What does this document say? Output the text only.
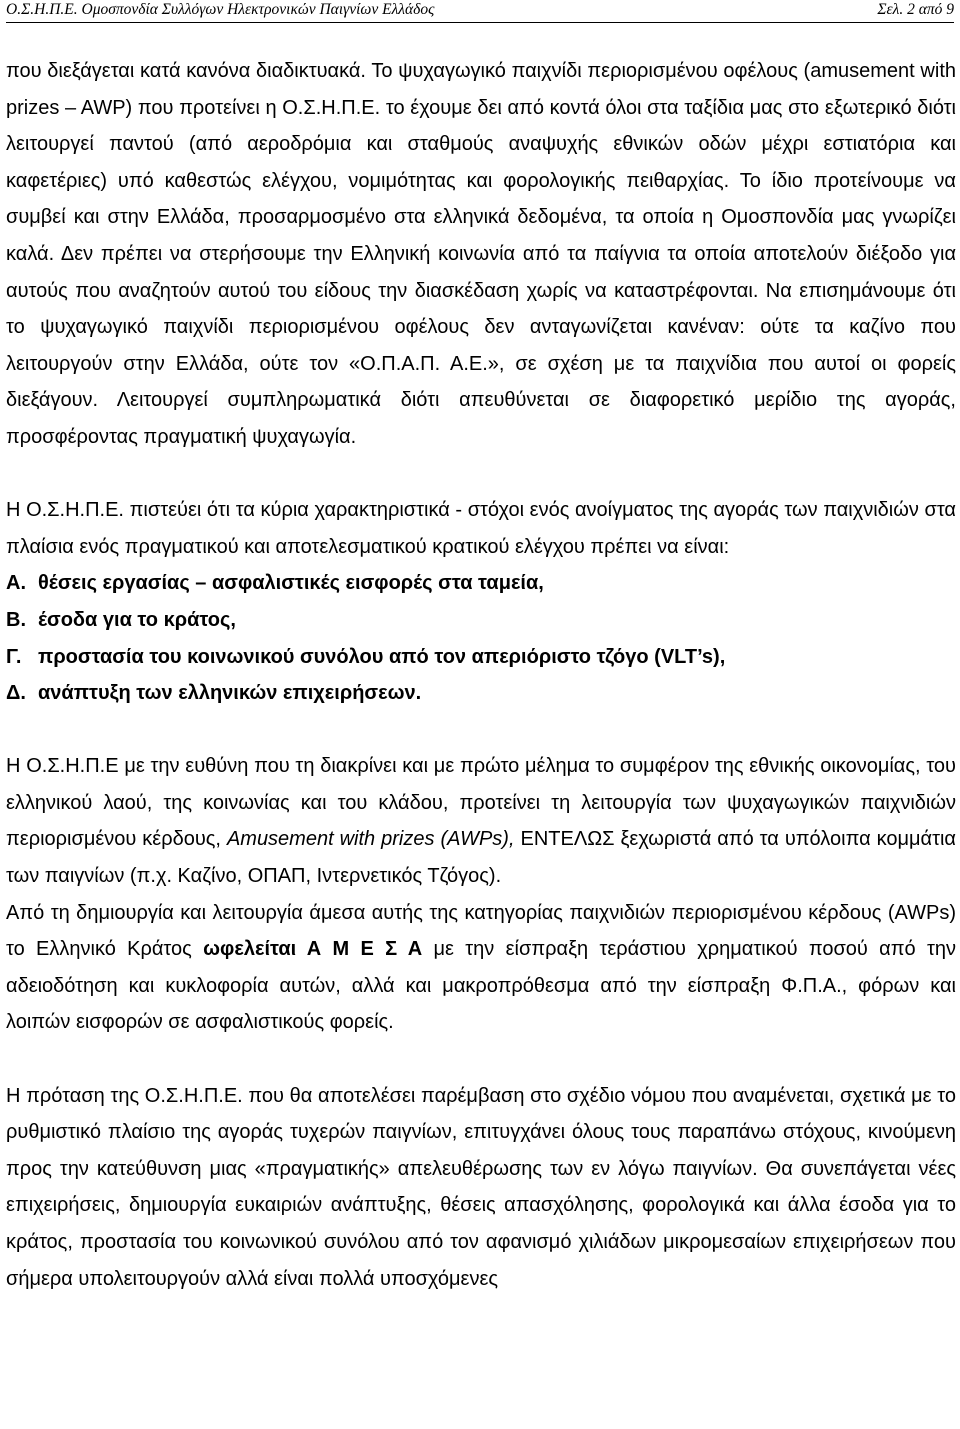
Ο.Σ.Η.Π.Ε. Ομοσπονδία Συλλόγων Ηλεκτρονικών Παιγνίων Ελλάδος	Σελ. 2 από 9

που διεξάγεται κατά κανόνα διαδικτυακά. Το ψυχαγωγικό παιχνίδι περιορισμένου οφέλους (amusement with prizes – AWP) που προτείνει η Ο.Σ.Η.Π.Ε. το έχουμε δει από κοντά όλοι στα ταξίδια μας στο εξωτερικό διότι λειτουργεί παντού (από αεροδρόμια και σταθμούς αναψυχής εθνικών οδών μέχρι εστιατόρια και καφετέριες) υπό καθεστώς ελέγχου, νομιμότητας και φορολογικής πειθαρχίας. Το ίδιο προτείνουμε να συμβεί και στην Ελλάδα, προσαρμοσμένο στα ελληνικά δεδομένα, τα οποία η Ομοσπονδία μας γνωρίζει καλά. Δεν πρέπει να στερήσουμε την Ελληνική κοινωνία από τα παίγνια τα οποία αποτελούν διέξοδο για αυτούς που αναζητούν αυτού του είδους την διασκέδαση χωρίς να καταστρέφονται. Να επισημάνουμε ότι το ψυχαγωγικό παιχνίδι περιορισμένου οφέλους δεν ανταγωνίζεται κανέναν: ούτε τα καζίνο που λειτουργούν στην Ελλάδα, ούτε τον «Ο.Π.Α.Π. Α.Ε.», σε σχέση με τα παιχνίδια που αυτοί οι φορείς διεξάγουν. Λειτουργεί συμπληρωματικά διότι απευθύνεται σε διαφορετικό μερίδιο της αγοράς, προσφέροντας πραγματική ψυχαγωγία.

Η Ο.Σ.Η.Π.Ε. πιστεύει ότι τα κύρια χαρακτηριστικά - στόχοι ενός ανοίγματος της αγοράς των παιχνιδιών στα πλαίσια ενός πραγματικού και αποτελεσματικού κρατικού ελέγχου πρέπει να είναι:

Α. θέσεις εργασίας – ασφαλιστικές εισφορές στα ταμεία,

Β. έσοδα για το κράτος,

Γ. προστασία του κοινωνικού συνόλου από τον απεριόριστο τζόγο (VLT’s),

Δ. ανάπτυξη των ελληνικών επιχειρήσεων.

Η Ο.Σ.Η.Π.Ε με την ευθύνη που τη διακρίνει και με πρώτο μέλημα το συμφέρον της εθνικής οικονομίας, του ελληνικού λαού, της κοινωνίας και του κλάδου, προτείνει τη λειτουργία των ψυχαγωγικών παιχνιδιών περιορισμένου κέρδους, Amusement with prizes (AWPs), ΕΝΤΕΛΩΣ ξεχωριστά από τα υπόλοιπα κομμάτια των παιγνίων (π.χ. Καζίνο, ΟΠΑΠ, Ιντερνετικός Τζόγος).

Από τη δημιουργία και λειτουργία άμεσα αυτής της κατηγορίας παιχνιδιών περιορισμένου κέρδους (AWPs) το Ελληνικό Κράτος ωφελείται Α Μ Ε Σ Α με την είσπραξη τεράστιου χρηματικού ποσού από την αδειοδότηση και κυκλοφορία αυτών, αλλά και μακροπρόθεσμα από την είσπραξη Φ.Π.Α., φόρων και λοιπών εισφορών σε ασφαλιστικούς φορείς.

Η πρόταση της Ο.Σ.Η.Π.Ε. που θα αποτελέσει παρέμβαση στο σχέδιο νόμου που αναμένεται, σχετικά με το ρυθμιστικό πλαίσιο της αγοράς τυχερών παιγνίων, επιτυγχάνει όλους τους παραπάνω στόχους, κινούμενη προς την κατεύθυνση μιας «πραγματικής» απελευθέρωσης των εν λόγω παιγνίων. Θα συνεπάγεται νέες επιχειρήσεις, δημιουργία ευκαιριών ανάπτυξης, θέσεις απασχόλησης, φορολογικά και άλλα έσοδα για το κράτος, προστασία του κοινωνικού συνόλου από τον αφανισμό χιλιάδων μικρομεσαίων επιχειρήσεων που σήμερα υπολειτουργούν αλλά είναι πολλά υποσχόμενες
